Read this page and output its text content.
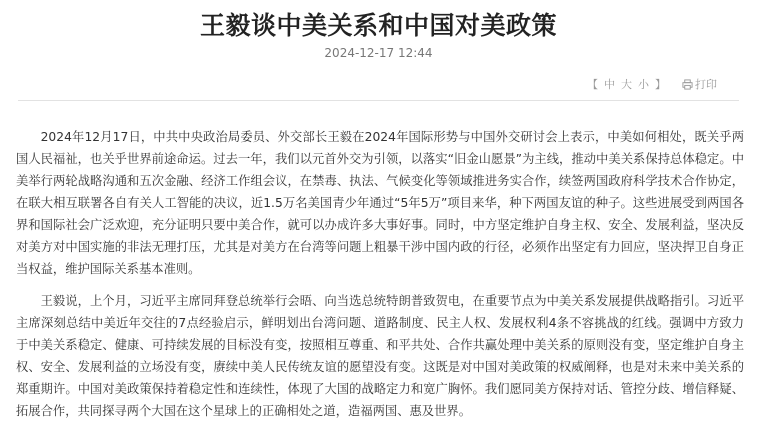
王毅谈中美关系和中国对美政策
2024-12-17 12:44
【 中 大 小 】	打印

2024年12月17日，中共中央政治局委员、外交部长王毅在2024年国际形势与中国外交研讨会上表示，中美如何相处，既关乎两国人民福祉，也关乎世界前途命运。过去一年，我们以元首外交为引领，以落实“旧金山愿景”为主线，推动中美关系保持总体稳定。中美举行两轮战略沟通和五次金融、经济工作组会议，在禁毒、执法、气候变化等领域推进务实合作，续签两国政府科学技术合作协定，在联大相互联署各自有关人工智能的决议，近1.5万名美国青少年通过“5年5万”项目来华，种下两国友谊的种子。这些进展受到两国各界和国际社会广泛欢迎，充分证明只要中美合作，就可以办成许多大事好事。同时，中方坚定维护自身主权、安全、发展利益，坚决反对美方对中国实施的非法无理打压，尤其是对美方在台湾等问题上粗暴干涉中国内政的行径，必须作出坚定有力回应，坚决捍卫自身正当权益，维护国际关系基本准则。

王毅说，上个月，习近平主席同拜登总统举行会晤、向当选总统特朗普致贺电，在重要节点为中美关系发展提供战略指引。习近平主席深刻总结中美近年交往的7点经验启示，鲜明划出台湾问题、道路制度、民主人权、发展权利4条不容挑战的红线。强调中方致力于中美关系稳定、健康、可持续发展的目标没有变，按照相互尊重、和平共处、合作共赢处理中美关系的原则没有变，坚定维护自身主权、安全、发展利益的立场没有变，赓续中美人民传统友谊的愿望没有变。这既是对中国对美政策的权威阐释，也是对未来中美关系的郑重期许。中国对美政策保持着稳定性和连续性，体现了大国的战略定力和宽广胸怀。我们愿同美方保持对话、管控分歧、增信释疑、拓展合作，共同探寻两个大国在这个星球上的正确相处之道，造福两国、惠及世界。
